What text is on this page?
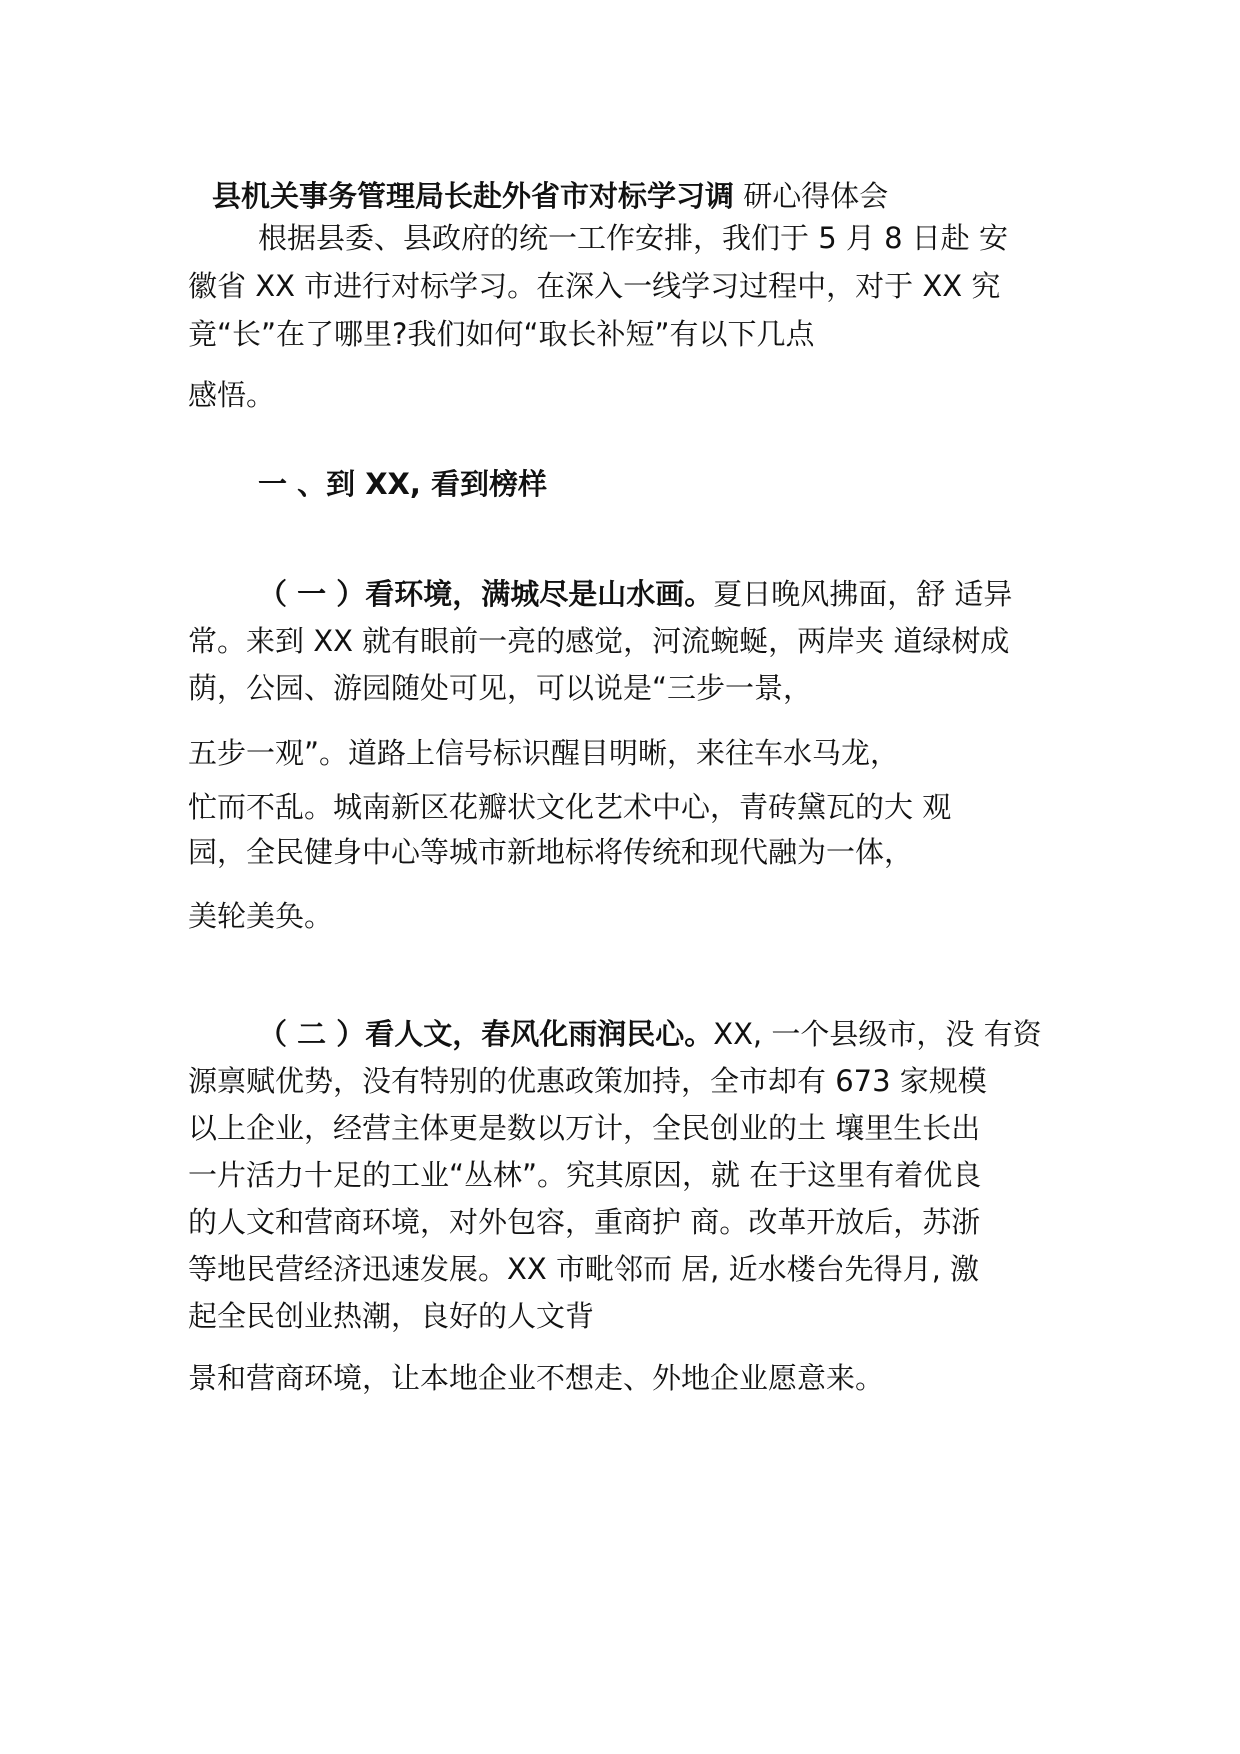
县机关事务管理局长赴外省市对标学习调 研心得体会
根据县委、县政府的统一工作安排，我们于 5 月 8 日赴 安
徽省 XX 市进行对标学习。在深入一线学习过程中，对于 XX 究
竟“长”在了哪里?我们如何“取长补短”有以下几点
感悟。
一 、到 XX, 看到榜样
（ 一 ）看环境，满城尽是山水画。夏日晚风拂面，舒 适异
常。来到 XX 就有眼前一亮的感觉，河流蜿蜒，两岸夹 道绿树成
荫，公园、游园随处可见，可以说是“三步一景，
五步一观”。道路上信号标识醒目明晰，来往车水马龙，
忙而不乱。城南新区花瓣状文化艺术中心，青砖黛瓦的大 观
园，全民健身中心等城市新地标将传统和现代融为一体，
美轮美奂。
（ 二 ）看人文，春风化雨润民心。XX, 一个县级市，没 有资
源禀赋优势，没有特别的优惠政策加持，全市却有 673 家规模
以上企业，经营主体更是数以万计，全民创业的土 壤里生长出
一片活力十足的工业“丛林”。究其原因，就 在于这里有着优良
的人文和营商环境，对外包容，重商护 商。改革开放后，苏浙
等地民营经济迅速发展。XX 市毗邻而 居, 近水楼台先得月, 激
起全民创业热潮，良好的人文背
景和营商环境，让本地企业不想走、外地企业愿意来。
